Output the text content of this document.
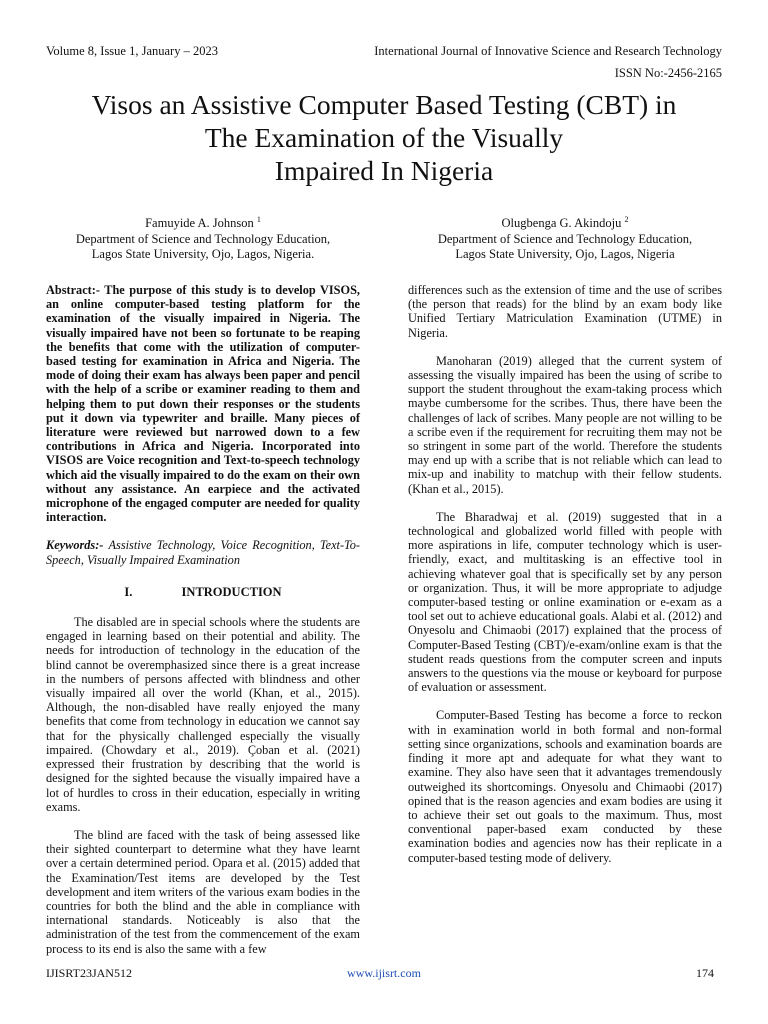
Volume 8, Issue 1, January – 2023	International Journal of Innovative Science and Research Technology
ISSN No:-2456-2165
Visos an Assistive Computer Based Testing (CBT) in
The Examination of the Visually
Impaired In Nigeria
Famuyide A. Johnson $^1$
Department of Science and Technology Education,
Lagos State University, Ojo, Lagos, Nigeria.
Olugbenga G. Akindoju $^2$
Department of Science and Technology Education,
Lagos State University, Ojo, Lagos, Nigeria

Abstract:- The purpose of this study is to develop VISOS, an online computer-based testing platform for the examination of the visually impaired in Nigeria. The visually impaired have not been so fortunate to be reaping the benefits that come with the utilization of computer-based testing for examination in Africa and Nigeria. The mode of doing their exam has always been paper and pencil with the help of a scribe or examiner reading to them and helping them to put down their responses or the students put it down via typewriter and braille. Many pieces of literature were reviewed but narrowed down to a few contributions in Africa and Nigeria. Incorporated into VISOS are Voice recognition and Text-to-speech technology which aid the visually impaired to do the exam on their own without any assistance. An earpiece and the activated microphone of the engaged computer are needed for quality interaction.

Keywords:- Assistive Technology, Voice Recognition, Text-To-Speech, Visually Impaired Examination

I.	INTRODUCTION

The disabled are in special schools where the students are engaged in learning based on their potential and ability. The needs for introduction of technology in the education of the blind cannot be overemphasized since there is a great increase in the numbers of persons affected with blindness and other visually impaired all over the world (Khan, et al., 2015). Although, the non-disabled have really enjoyed the many benefits that come from technology in education we cannot say that for the physically challenged especially the visually impaired. (Chowdary et al., 2019). Çoban et al. (2021) expressed their frustration by describing that the world is designed for the sighted because the visually impaired have a lot of hurdles to cross in their education, especially in writing exams.

The blind are faced with the task of being assessed like their sighted counterpart to determine what they have learnt over a certain determined period. Opara et al. (2015) added that the Examination/Test items are developed by the Test development and item writers of the various exam bodies in the countries for both the blind and the able in compliance with international standards. Noticeably is also that the administration of the test from the commencement of the exam process to its end is also the same with a few

differences such as the extension of time and the use of scribes (the person that reads) for the blind by an exam body like Unified Tertiary Matriculation Examination (UTME) in Nigeria.

Manoharan (2019) alleged that the current system of assessing the visually impaired has been the using of scribe to support the student throughout the exam-taking process which maybe cumbersome for the scribes. Thus, there have been the challenges of lack of scribes. Many people are not willing to be a scribe even if the requirement for recruiting them may not be so stringent in some part of the world. Therefore the students may end up with a scribe that is not reliable which can lead to mix-up and inability to matchup with their fellow students. (Khan et al., 2015).

The Bharadwaj et al. (2019) suggested that in a technological and globalized world filled with people with more aspirations in life, computer technology which is user-friendly, exact, and multitasking is an effective tool in achieving whatever goal that is specifically set by any person or organization. Thus, it will be more appropriate to adjudge computer-based testing or online examination or e-exam as a tool set out to achieve educational goals. Alabi et al. (2012) and Onyesolu and Chimaobi (2017) explained that the process of Computer-Based Testing (CBT)/e-exam/online exam is that the student reads questions from the computer screen and inputs answers to the questions via the mouse or keyboard for purpose of evaluation or assessment.

Computer-Based Testing has become a force to reckon with in examination world in both formal and non-formal setting since organizations, schools and examination boards are finding it more apt and adequate for what they want to examine. They also have seen that it advantages tremendously outweighed its shortcomings. Onyesolu and Chimaobi (2017) opined that is the reason agencies and exam bodies are using it to achieve their set out goals to the maximum. Thus, most conventional paper-based exam conducted by these examination bodies and agencies now has their replicate in a computer-based testing mode of delivery.

IJISRT23JAN512	www.ijisrt.com	174
